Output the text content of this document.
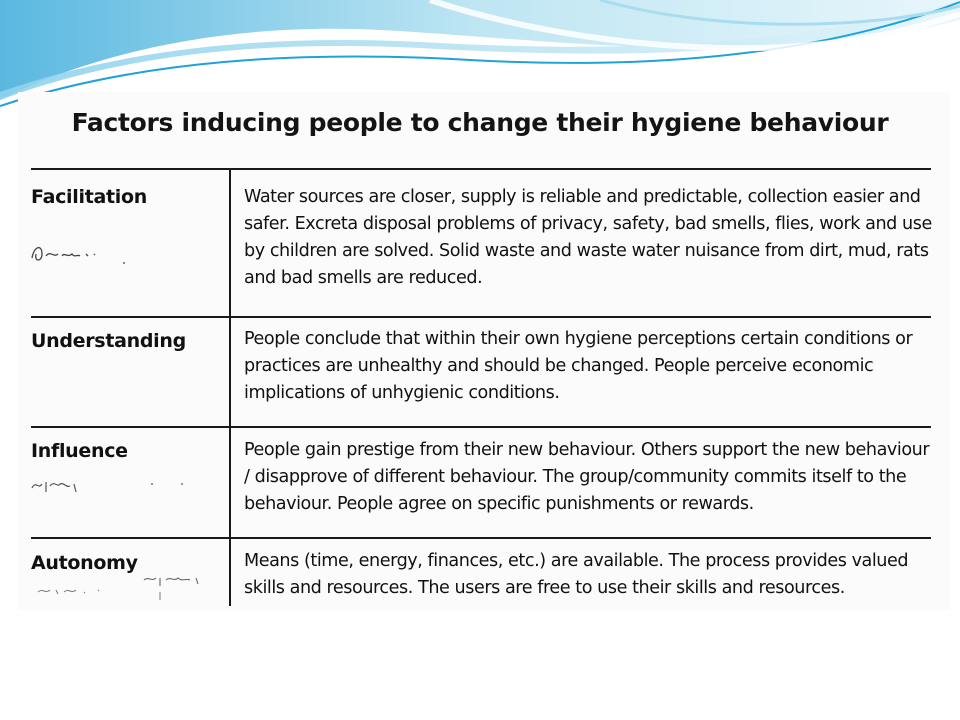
Factors inducing people to change their hygiene behaviour
Facilitation	Water sources are closer, supply is reliable and predictable, collection easier and safer. Excreta disposal problems of privacy, safety, bad smells, flies, work and use by children are solved. Solid waste and waste water nuisance from dirt, mud, rats and bad smells are reduced.
Understanding	People conclude that within their own hygiene perceptions certain conditions or practices are unhealthy and should be changed. People perceive economic implications of unhygienic conditions.
Influence	People gain prestige from their new behaviour. Others support the new behaviour / disapprove of different behaviour. The group/community commits itself to the behaviour. People agree on specific punishments or rewards.
Autonomy	Means (time, energy, finances, etc.) are available. The process provides valued skills and resources. The users are free to use their skills and resources.
